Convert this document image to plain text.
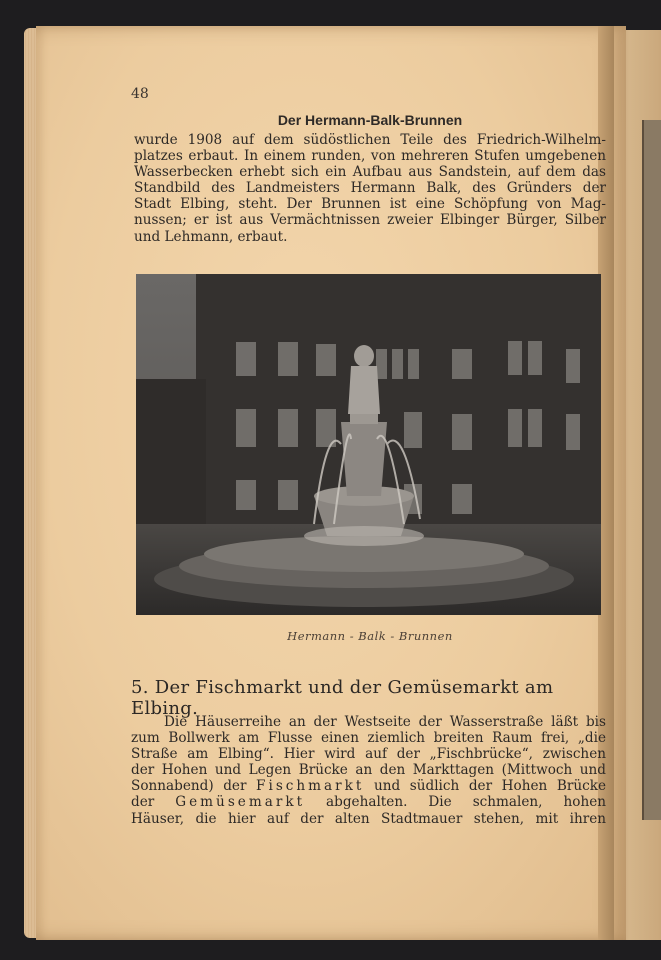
48
Der Hermann-Balk-Brunnen
wurde 1908 auf dem südöstlichen Teile des Friedrich-Wilhelm-
platzes erbaut. In einem runden, von mehreren Stufen umgebenen
Wasserbecken erhebt sich ein Aufbau aus Sandstein, auf dem das
Standbild des Landmeisters Hermann Balk, des Gründers der
Stadt Elbing, steht. Der Brunnen ist eine Schöpfung von Mag-
nussen; er ist aus Vermächtnissen zweier Elbinger Bürger, Silber
und Lehmann, erbaut.
Hermann - Balk - Brunnen
5. Der Fischmarkt und der Gemüsemarkt am Elbing.
Die Häuserreihe an der Westseite der Wasserstraße läßt bis
zum Bollwerk am Flusse einen ziemlich breiten Raum frei, „die
Straße am Elbing“. Hier wird auf der „Fischbrücke“, zwischen
der Hohen und Legen Brücke an den Markttagen (Mittwoch und
Sonnabend) der Fischmarkt und südlich der Hohen Brücke
der Gemüsemarkt abgehalten. Die schmalen, hohen
Häuser, die hier auf der alten Stadtmauer stehen, mit ihren
